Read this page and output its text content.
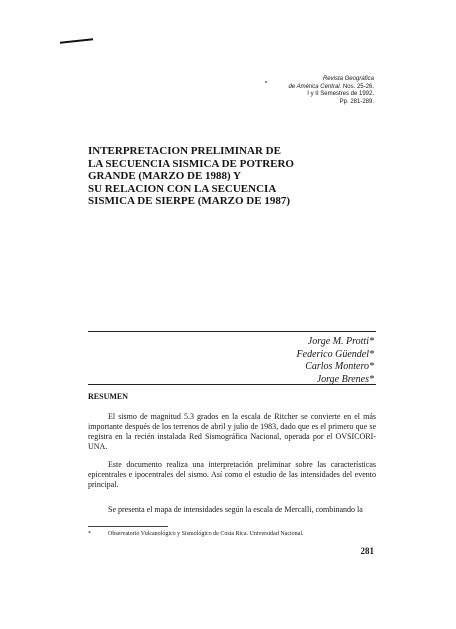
Revista Geográfica
de América Central. Nos. 25-26.
I y II Semestres de 1992.
Pp. 281-289.
INTERPRETACION PRELIMINAR DE
LA SECUENCIA SISMICA DE POTRERO
GRANDE (MARZO DE 1988) Y
SU RELACION CON LA SECUENCIA
SISMICA DE SIERPE (MARZO DE 1987)
Jorge M. Protti*
Federico Güendel*
Carlos Montero*
Jorge Brenes*
RESUMEN

El sismo de magnitud 5.3 grados en la escala de Ritcher se convierte en el más importante después de los terrenos de abril y julio de 1983, dado que es el primero que se registra en la recién instalada Red Sismográfica Nacional, operada por el OVSICORI-UNA.

Este documento realiza una interpretación preliminar sobre las características epicentrales e ipocentrales del sismo. Así como el estudio de las intensidades del evento principal.

Se presenta el mapa de intensidades según la escala de Mercalli, combinando la

*	Observatorio Vulcanológico y Sismológico de Costa Rica. Universidad Nacional.
281
